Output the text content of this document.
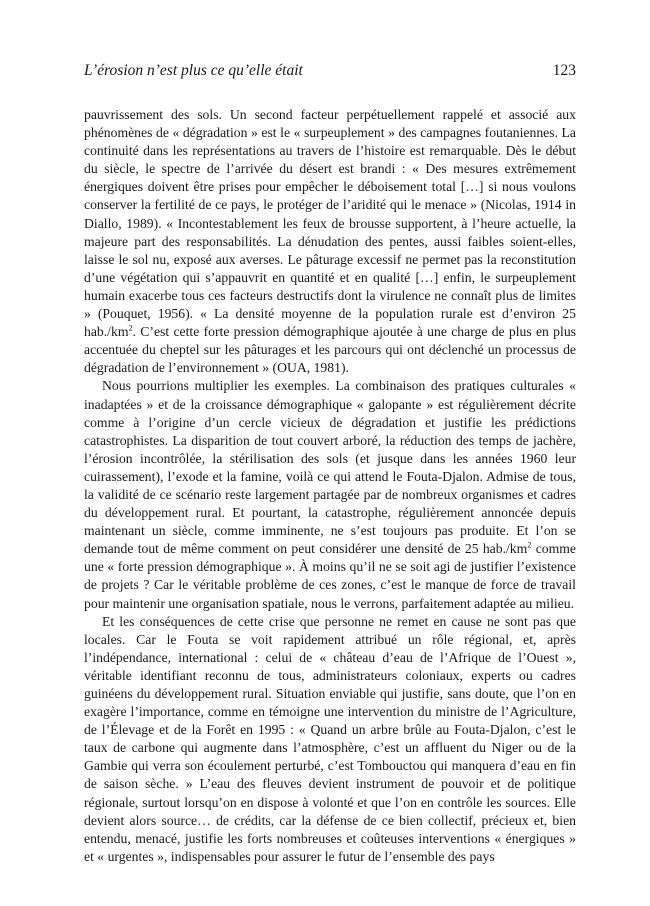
L’érosion n’est plus ce qu’elle était	123

pauvrissement des sols. Un second facteur perpétuellement rappelé et associé aux phénomènes de « dégradation » est le « surpeuplement » des campagnes foutaniennes. La continuité dans les représentations au travers de l’histoire est remarquable. Dès le début du siècle, le spectre de l’arrivée du désert est brandi : « Des mesures extrêmement énergiques doivent être prises pour empêcher le déboisement total […] si nous voulons conserver la fertilité de ce pays, le protéger de l’aridité qui le menace » (Nicolas, 1914 in Diallo, 1989). « Incontestablement les feux de brousse supportent, à l’heure actuelle, la majeure part des responsabilités. La dénudation des pentes, aussi faibles soient-elles, laisse le sol nu, exposé aux averses. Le pâturage excessif ne permet pas la reconstitution d’une végétation qui s’appauvrit en quantité et en qualité […] enfin, le surpeuplement humain exacerbe tous ces facteurs destructifs dont la virulence ne connaît plus de limites » (Pouquet, 1956). « La densité moyenne de la population rurale est d’environ 25 $hab./km^2$. C’est cette forte pression démographique ajoutée à une charge de plus en plus accentuée du cheptel sur les pâturages et les parcours qui ont déclenché un processus de dégradation de l’environnement » (OUA, 1981).

Nous pourrions multiplier les exemples. La combinaison des pratiques culturales « inadaptées » et de la croissance démographique « galopante » est régulièrement décrite comme à l’origine d’un cercle vicieux de dégradation et justifie les prédictions catastrophistes. La disparition de tout couvert arboré, la réduction des temps de jachère, l’érosion incontrôlée, la stérilisation des sols (et jusque dans les années 1960 leur cuirassement), l’exode et la famine, voilà ce qui attend le Fouta-Djalon. Admise de tous, la validité de ce scénario reste largement partagée par de nombreux organismes et cadres du développement rural. Et pourtant, la catastrophe, régulièrement annoncée depuis maintenant un siècle, comme imminente, ne s’est toujours pas produite. Et l’on se demande tout de même comment on peut considérer une densité de 25 $hab./km^2$ comme une « forte pression démographique ». À moins qu’il ne se soit agi de justifier l’existence de projets ? Car le véritable problème de ces zones, c’est le manque de force de travail pour maintenir une organisation spatiale, nous le verrons, parfaitement adaptée au milieu.

Et les conséquences de cette crise que personne ne remet en cause ne sont pas que locales. Car le Fouta se voit rapidement attribué un rôle régional, et, après l’indépendance, international : celui de « château d’eau de l’Afrique de l’Ouest », véritable identifiant reconnu de tous, administrateurs coloniaux, experts ou cadres guinéens du développement rural. Situation enviable qui justifie, sans doute, que l’on en exagère l’importance, comme en témoigne une intervention du ministre de l’Agriculture, de l’Élevage et de la Forêt en 1995 : « Quand un arbre brûle au Fouta-Djalon, c’est le taux de carbone qui augmente dans l’atmosphère, c’est un affluent du Niger ou de la Gambie qui verra son écoulement perturbé, c’est Tombouctou qui manquera d’eau en fin de saison sèche. » L’eau des fleuves devient instrument de pouvoir et de politique régionale, surtout lorsqu’on en dispose à volonté et que l’on en contrôle les sources. Elle devient alors source… de crédits, car la défense de ce bien collectif, précieux et, bien entendu, menacé, justifie les forts nombreuses et coûteuses interventions « énergiques » et « urgentes », indispensables pour assurer le futur de l’ensemble des pays
